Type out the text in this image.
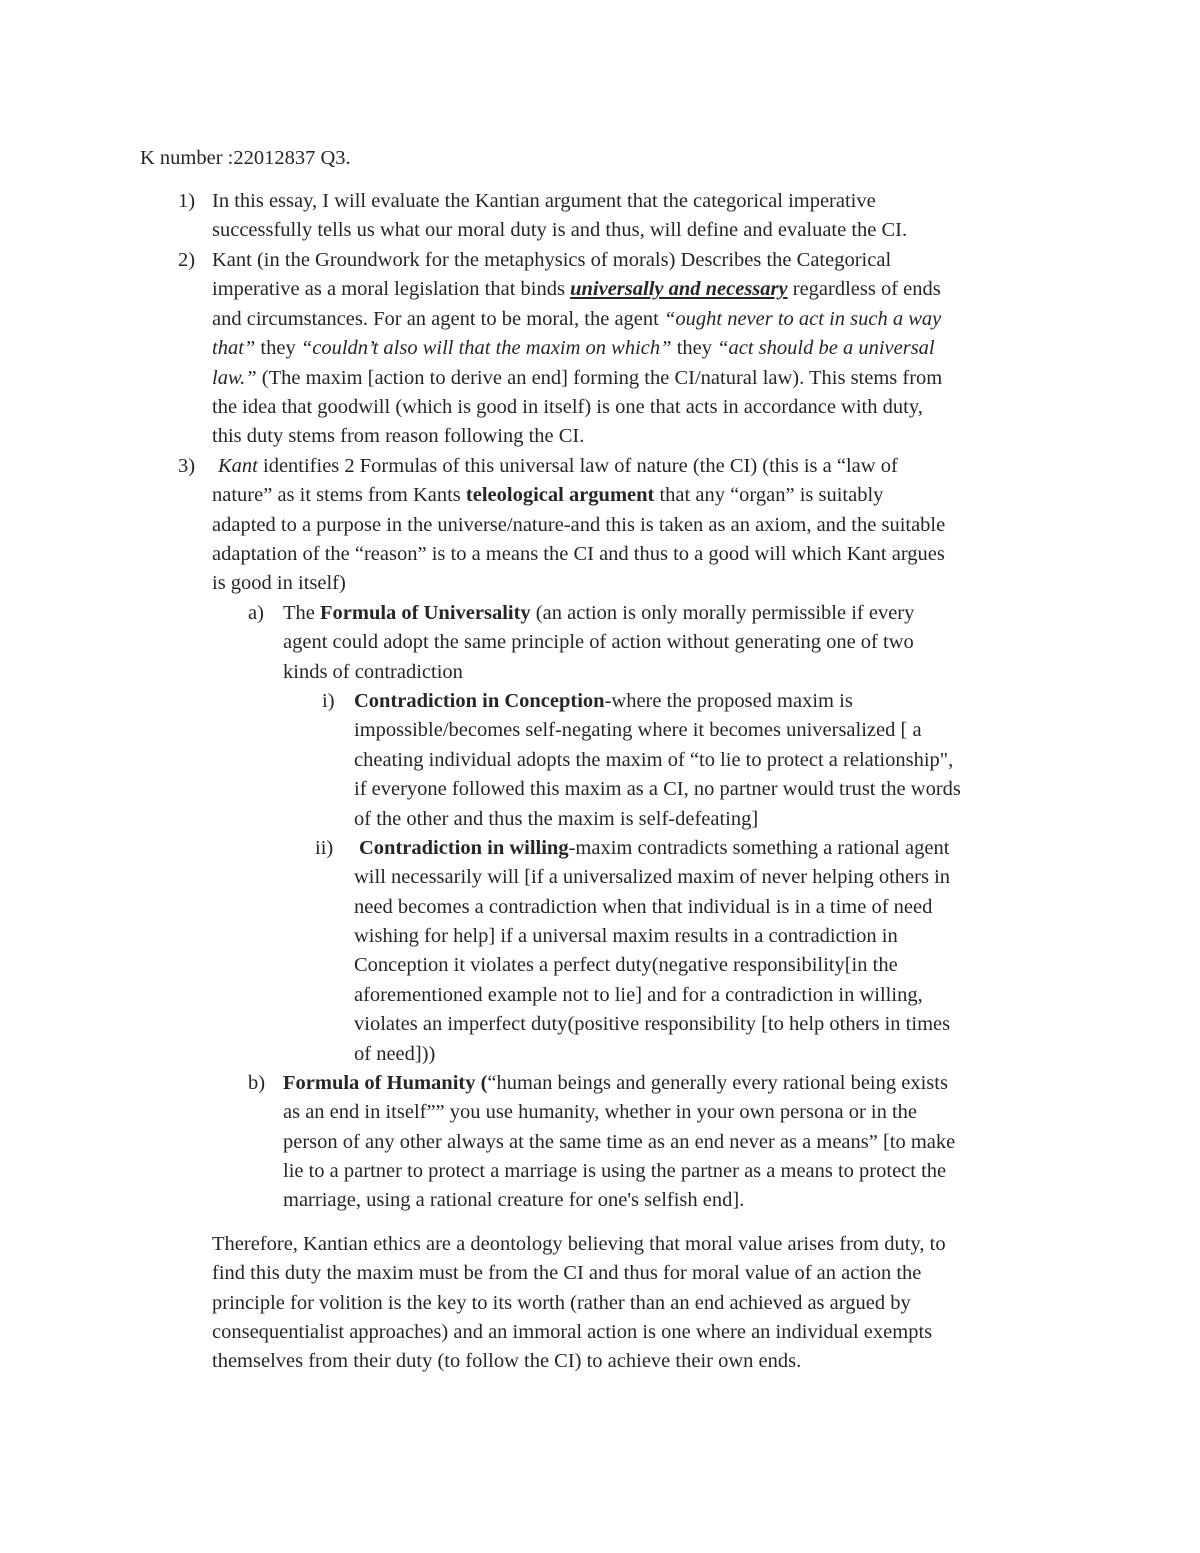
K number :22012837 Q3.
1) In this essay, I will evaluate the Kantian argument that the categorical imperative
successfully tells us what our moral duty is and thus, will define and evaluate the CI.
2) Kant (in the Groundwork for the metaphysics of morals) Describes the Categorical
imperative as a moral legislation that binds universally and necessary regardless of ends
and circumstances. For an agent to be moral, the agent “ought never to act in such a way
that” they “couldn’t also will that the maxim on which” they “act should be a universal
law.” (The maxim [action to derive an end] forming the CI/natural law). This stems from
the idea that goodwill (which is good in itself) is one that acts in accordance with duty,
this duty stems from reason following the CI.
3) Kant identifies 2 Formulas of this universal law of nature (the CI) (this is a “law of
nature” as it stems from Kants teleological argument that any “organ” is suitably
adapted to a purpose in the universe/nature-and this is taken as an axiom, and the suitable
adaptation of the “reason” is to a means the CI and thus to a good will which Kant argues
is good in itself)
a) The Formula of Universality (an action is only morally permissible if every
agent could adopt the same principle of action without generating one of two
kinds of contradiction
i) Contradiction in Conception-where the proposed maxim is
impossible/becomes self-negating where it becomes universalized [ a
cheating individual adopts the maxim of “to lie to protect a relationship",
if everyone followed this maxim as a CI, no partner would trust the words
of the other and thus the maxim is self-defeating]
ii) Contradiction in willing-maxim contradicts something a rational agent
will necessarily will [if a universalized maxim of never helping others in
need becomes a contradiction when that individual is in a time of need
wishing for help] if a universal maxim results in a contradiction in
Conception it violates a perfect duty(negative responsibility[in the
aforementioned example not to lie] and for a contradiction in willing,
violates an imperfect duty(positive responsibility [to help others in times
of need]))
b) Formula of Humanity (“human beings and generally every rational being exists
as an end in itself”” you use humanity, whether in your own persona or in the
person of any other always at the same time as an end never as a means” [to make
lie to a partner to protect a marriage is using the partner as a means to protect the
marriage, using a rational creature for one's selfish end].
Therefore, Kantian ethics are a deontology believing that moral value arises from duty, to
find this duty the maxim must be from the CI and thus for moral value of an action the
principle for volition is the key to its worth (rather than an end achieved as argued by
consequentialist approaches) and an immoral action is one where an individual exempts
themselves from their duty (to follow the CI) to achieve their own ends.
